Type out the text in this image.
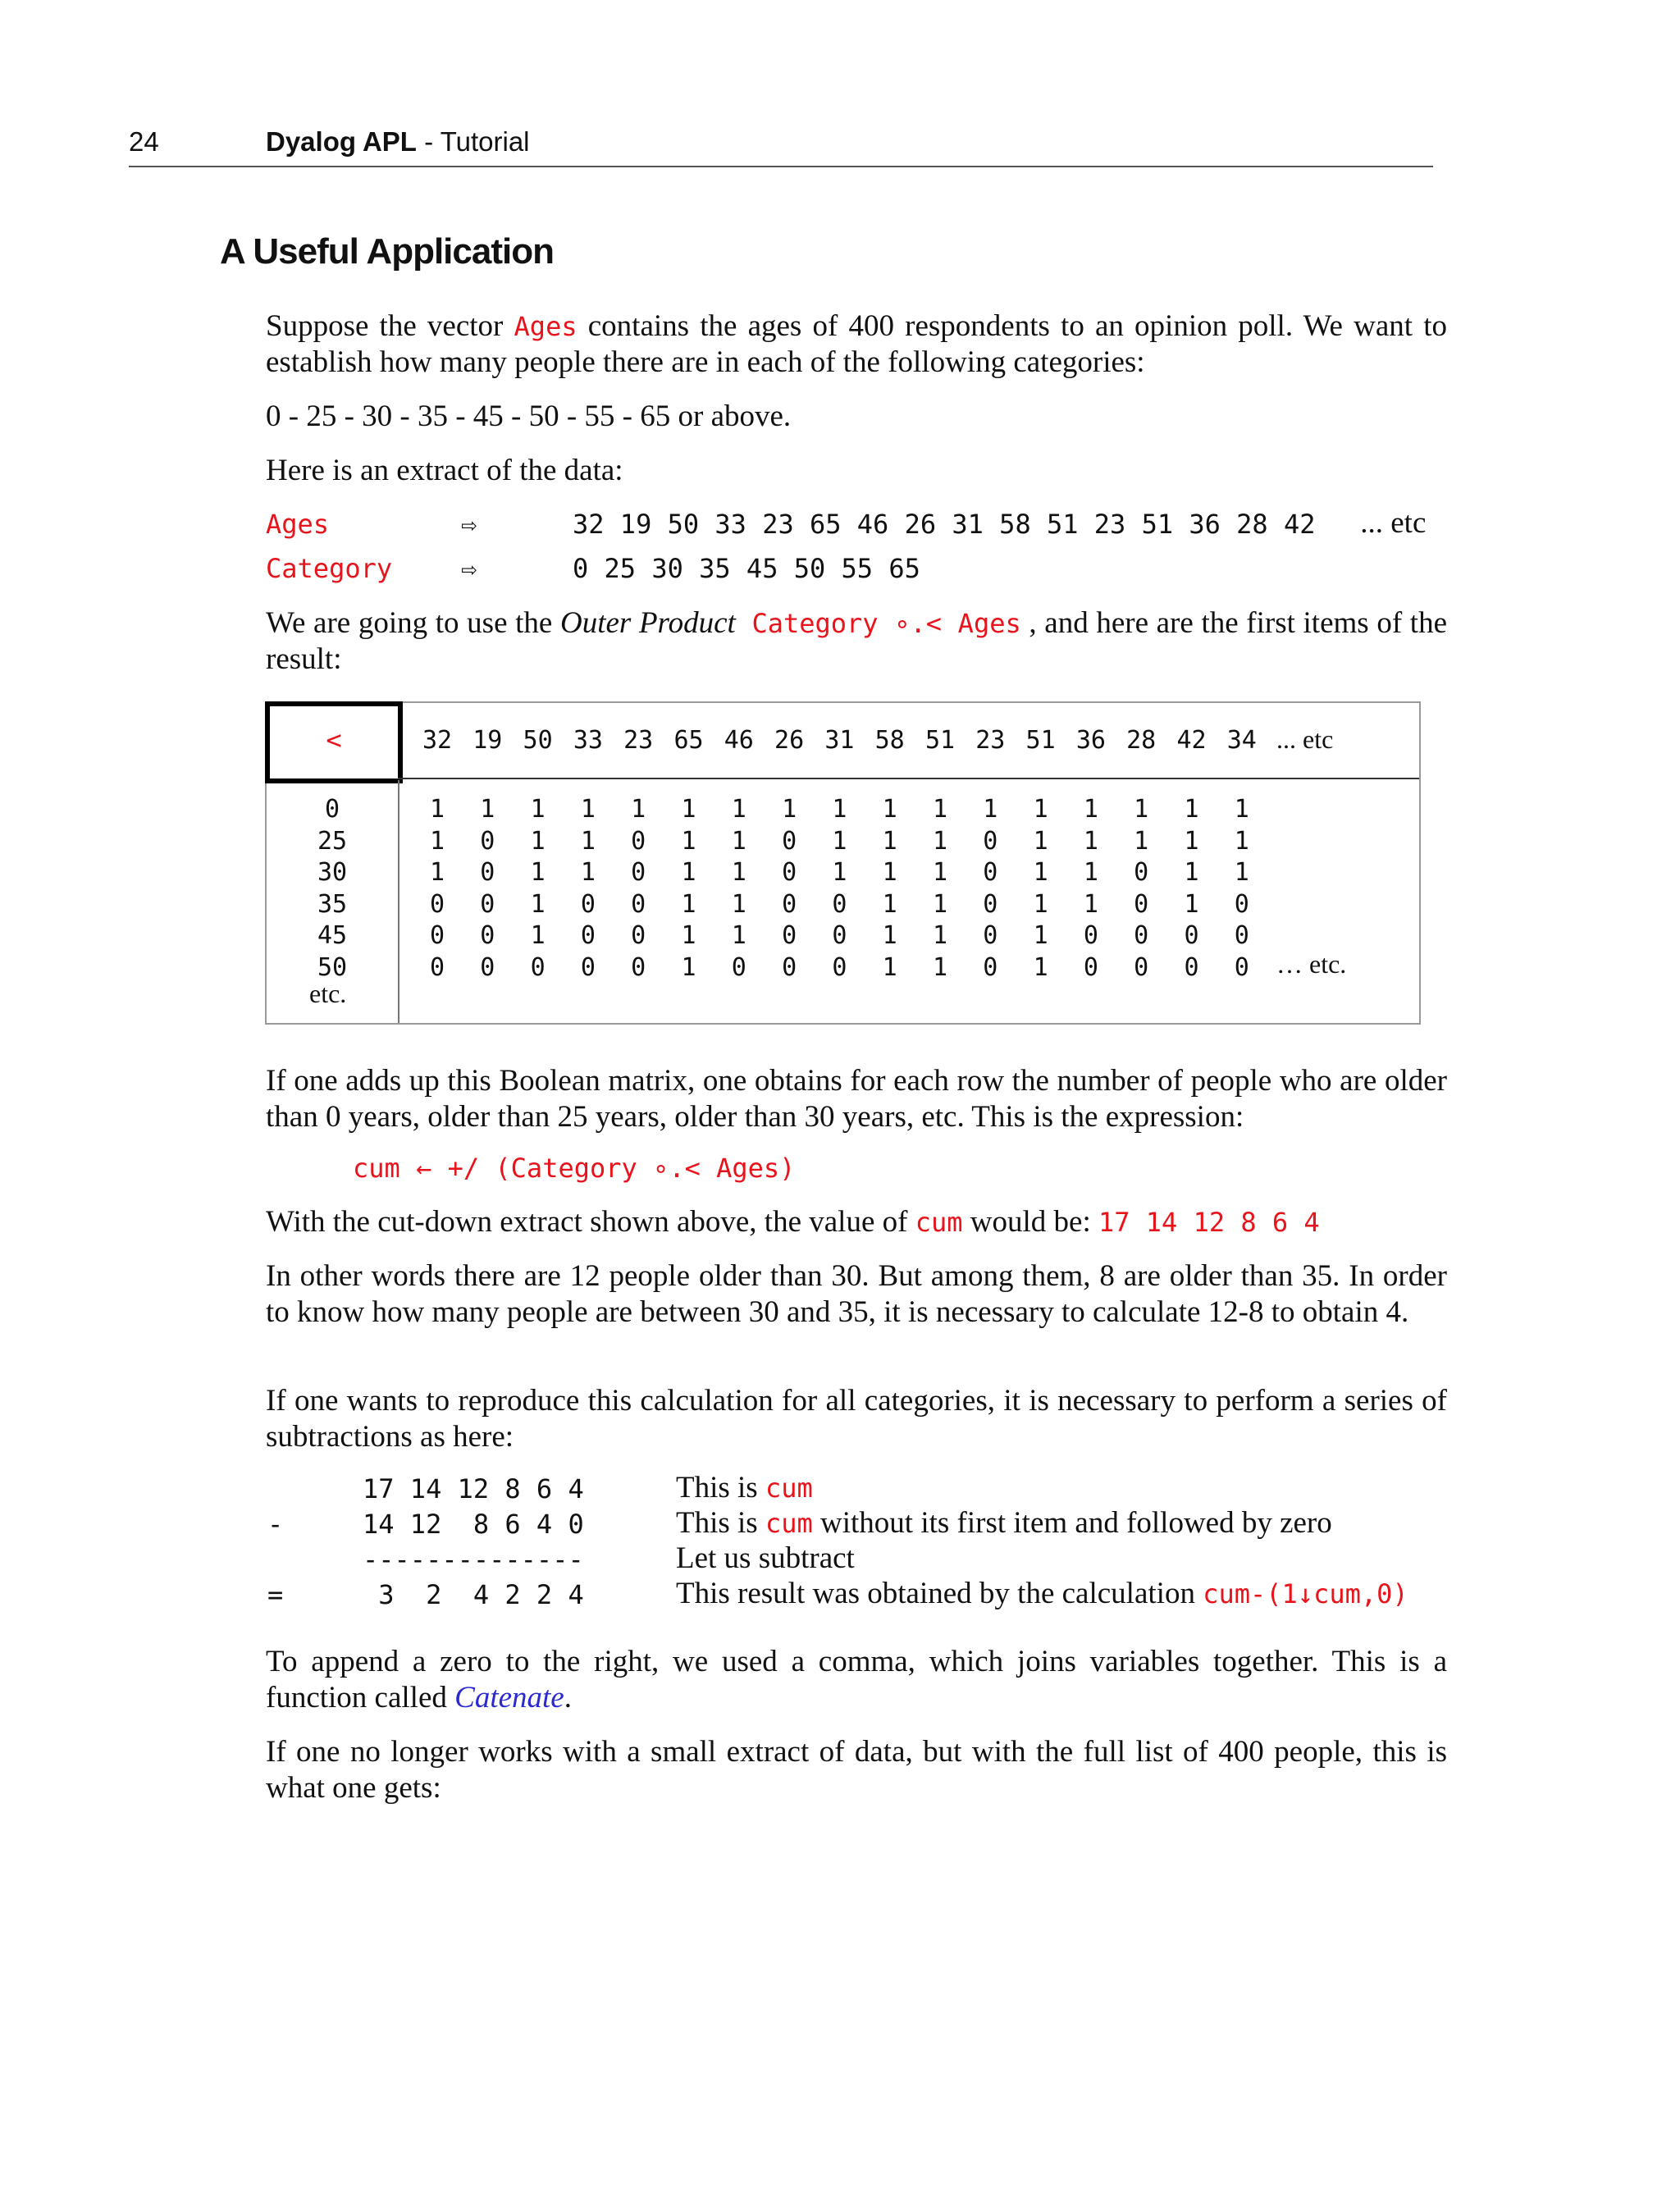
24	Dyalog APL - Tutorial
A Useful Application
Suppose the vector Ages contains the ages of 400 respondents to an opinion poll. We want to establish how many people there are in each of the following categories:
0 - 25 - 30 - 35 - 45 - 50 - 55 - 65 or above.
Here is an extract of the data:
Ages	⇨	32 19 50 33 23 65 46 26 31 58 51 23 51 36 28 42 ... etc
Category	⇨	0 25 30 35 45 50 55 65
We are going to use the Outer Product Category ∘.< Ages , and here are the first items of the result:
<	32 19 50 33 23 65 46 26 31 58 51 23 51 36 28 42 34
0	1	1	1	1	1	1	1	1	1	1	1	1	1	1	1	1	1
25	1	0	1	1	0	1	1	0	1	1	1	0	1	1	1	1	1
30	1	0	1	1	0	1	1	0	1	1	1	0	1	1	0	1	1
35	0	0	1	0	0	1	1	0	0	1	1	0	1	1	0	1	0
45	0	0	1	0	0	1	1	0	0	1	1	0	1	0	0	0	0
50	0	0	0	0	0	1	0	0	0	1	1	0	1	0	0	0	0
... etc
… etc.
etc.
If one adds up this Boolean matrix, one obtains for each row the number of people who are older than 0 years, older than 25 years, older than 30 years, etc. This is the expression:
cum ← +/ (Category ∘.< Ages)
With the cut-down extract shown above, the value of cum would be: 17 14 12 8 6 4
In other words there are 12 people older than 30. But among them, 8 are older than 35. In order to know how many people are between 30 and 35, it is necessary to calculate 12-8 to obtain 4.
If one wants to reproduce this calculation for all categories, it is necessary to perform a series of subtractions as here:
17 14 12 8 6 4	This is cum
-	14 12  8 6 4 0	This is cum without its first item and followed by zero
--------------	Let us subtract
=	3  2  4 2 2 4	This result was obtained by the calculation cum-(1↓cum,0)
To append a zero to the right, we used a comma, which joins variables together. This is a function called Catenate.
If one no longer works with a small extract of data, but with the full list of 400 people, this is what one gets:
